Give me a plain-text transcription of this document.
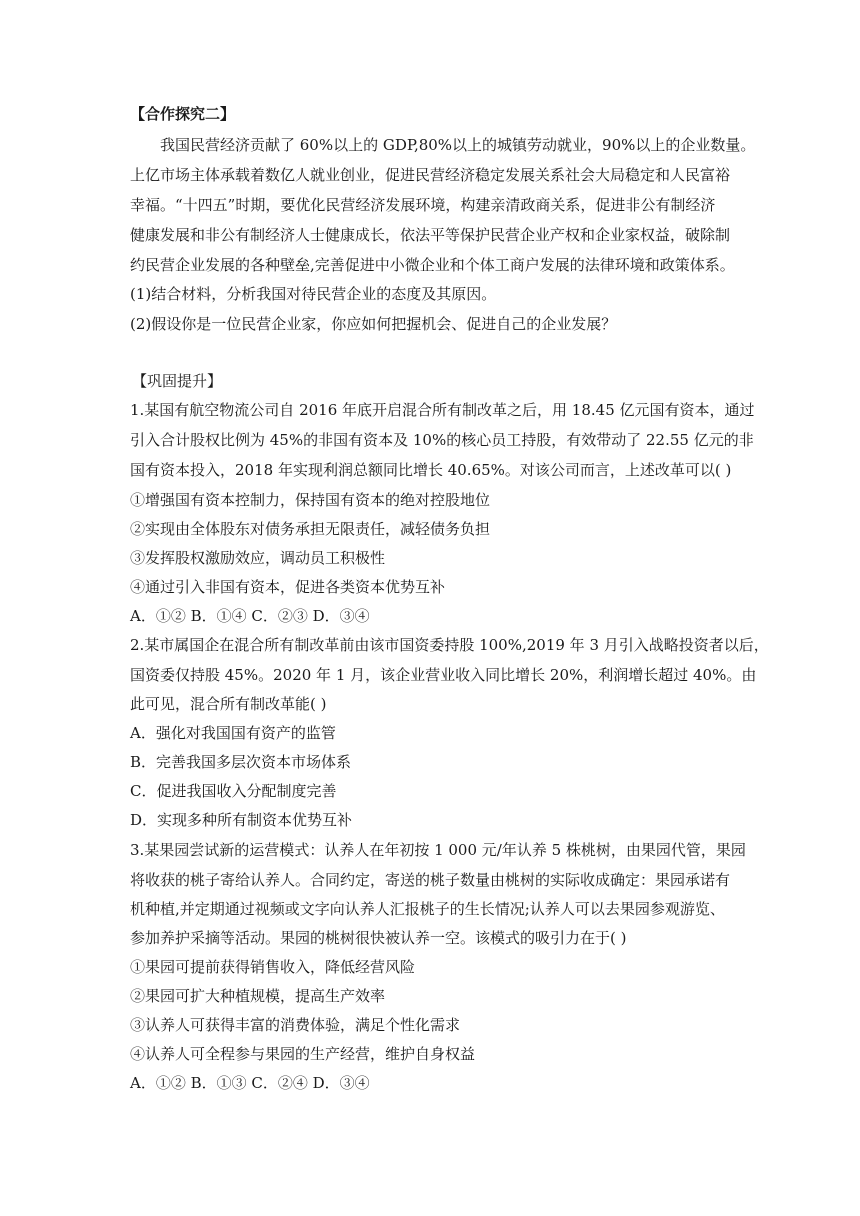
【合作探究二】
我国民营经济贡献了 60%以上的 GDP,80%以上的城镇劳动就业，90%以上的企业数量。
上亿市场主体承载着数亿人就业创业，促进民营经济稳定发展关系社会大局稳定和人民富裕
幸福。“十四五”时期，要优化民营经济发展环境，构建亲清政商关系，促进非公有制经济
健康发展和非公有制经济人士健康成长，依法平等保护民营企业产权和企业家权益，破除制
约民营企业发展的各种壁垒,完善促进中小微企业和个体工商户发展的法律环境和政策体系。
(1)结合材料，分析我国对待民营企业的态度及其原因。
(2)假设你是一位民营企业家，你应如何把握机会、促进自己的企业发展？
【巩固提升】
1.某国有航空物流公司自 2016 年底开启混合所有制改革之后，用 18.45 亿元国有资本，通过
引入合计股权比例为 45%的非国有资本及 10%的核心员工持股，有效带动了 22.55 亿元的非
国有资本投入，2018 年实现利润总额同比增长 40.65%。对该公司而言，上述改革可以( )
①增强国有资本控制力，保持国有资本的绝对控股地位
②实现由全体股东对债务承担无限责任，减轻债务负担
③发挥股权激励效应，调动员工积极性
④通过引入非国有资本，促进各类资本优势互补
A．①② B．①④ C．②③ D．③④
2.某市属国企在混合所有制改革前由该市国资委持股 100%,2019 年 3 月引入战略投资者以后，
国资委仅持股 45%。2020 年 1 月，该企业营业收入同比增长 20%，利润增长超过 40%。由
此可见，混合所有制改革能( )
A．强化对我国国有资产的监管
B．完善我国多层次资本市场体系
C．促进我国收入分配制度完善
D．实现多种所有制资本优势互补
3.某果园尝试新的运营模式：认养人在年初按 1 000 元/年认养 5 株桃树，由果园代管，果园
将收获的桃子寄给认养人。合同约定，寄送的桃子数量由桃树的实际收成确定：果园承诺有
机种植,并定期通过视频或文字向认养人汇报桃子的生长情况;认养人可以去果园参观游览、
参加养护采摘等活动。果园的桃树很快被认养一空。该模式的吸引力在于( )
①果园可提前获得销售收入，降低经营风险
②果园可扩大种植规模，提高生产效率
③认养人可获得丰富的消费体验，满足个性化需求
④认养人可全程参与果园的生产经营，维护自身权益
A．①② B．①③ C．②④ D．③④
